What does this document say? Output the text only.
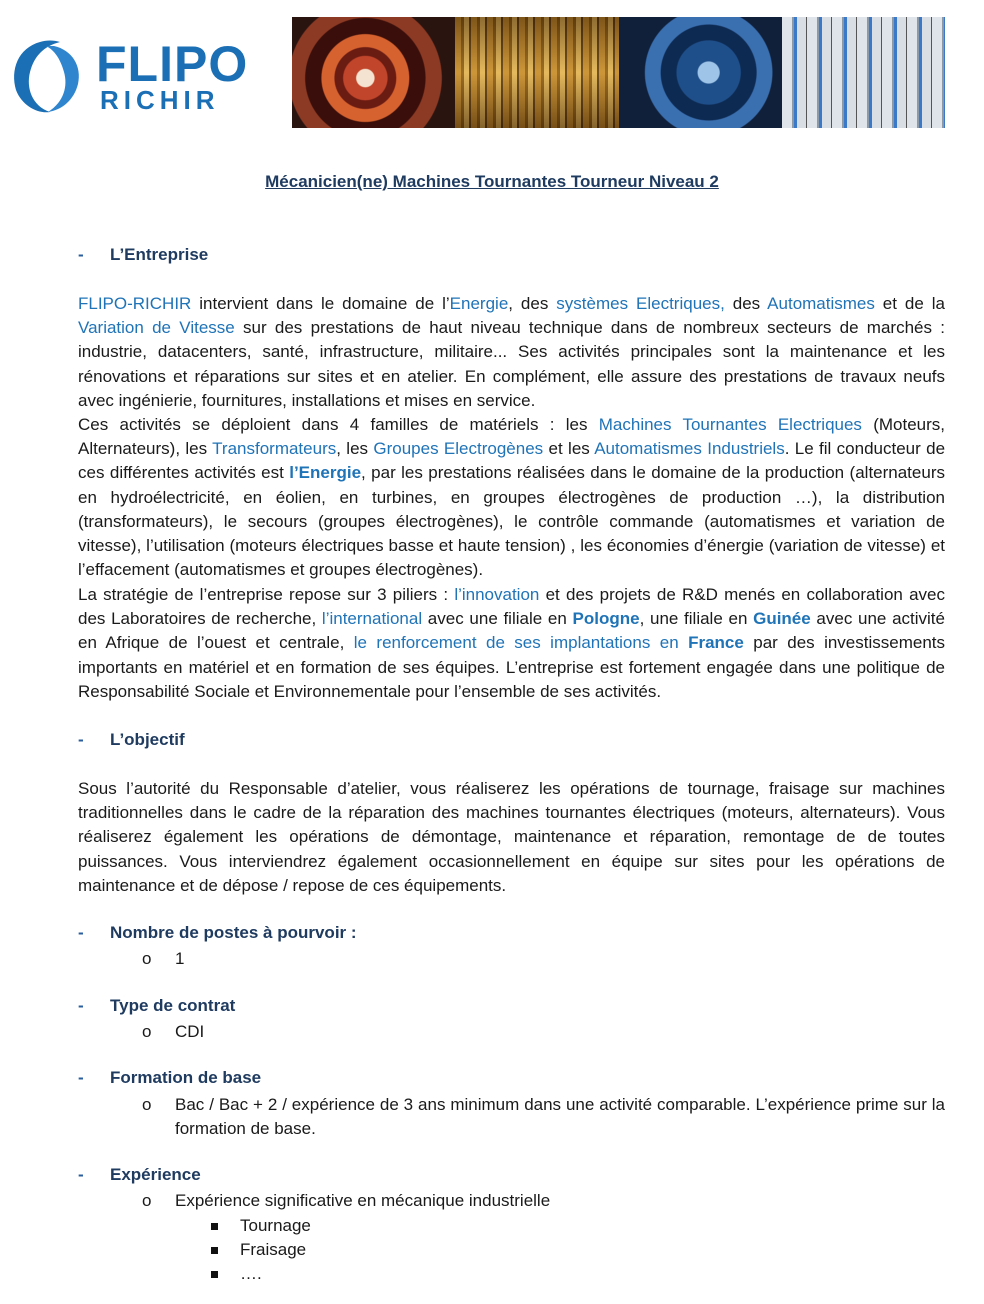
FLIPO
RICHIR
Mécanicien(ne) Machines Tournantes Tourneur Niveau 2
- L’Entreprise

FLIPO-RICHIR intervient dans le domaine de l’Energie, des systèmes Electriques, des Automatismes et de la Variation de Vitesse sur des prestations de haut niveau technique dans de nombreux secteurs de marchés : industrie, datacenters, santé, infrastructure, militaire... Ses activités principales sont la maintenance et les rénovations et réparations sur sites et en atelier. En complément, elle assure des prestations de travaux neufs avec ingénierie, fournitures, installations et mises en service.

Ces activités se déploient dans 4 familles de matériels : les Machines Tournantes Electriques (Moteurs, Alternateurs), les Transformateurs, les Groupes Electrogènes et les Automatismes Industriels. Le fil conducteur de ces différentes activités est l’Energie, par les prestations réalisées dans le domaine de la production (alternateurs en hydroélectricité, en éolien, en turbines, en groupes électrogènes de production …), la distribution (transformateurs), le secours (groupes électrogènes), le contrôle commande (automatismes et variation de vitesse), l’utilisation (moteurs électriques basse et haute tension) , les économies d’énergie (variation de vitesse) et l’effacement (automatismes et groupes électrogènes).

La stratégie de l’entreprise repose sur 3 piliers : l’innovation et des projets de R&D menés en collaboration avec des Laboratoires de recherche, l’international avec une filiale en Pologne, une filiale en Guinée avec une activité en Afrique de l’ouest et centrale, le renforcement de ses implantations en France par des investissements importants en matériel et en formation de ses équipes. L’entreprise est fortement engagée dans une politique de Responsabilité Sociale et Environnementale pour l’ensemble de ses activités.

- L’objectif

Sous l’autorité du Responsable d’atelier, vous réaliserez les opérations de tournage, fraisage sur machines traditionnelles dans le cadre de la réparation des machines tournantes électriques (moteurs, alternateurs). Vous réaliserez également les opérations de démontage, maintenance et réparation, remontage de de toutes puissances. Vous interviendrez également occasionnellement en équipe sur sites pour les opérations de maintenance et de dépose / repose de ces équipements.

- Nombre de postes à pourvoir :
o 1
- Type de contrat
o CDI
- Formation de base
o Bac / Bac + 2 / expérience de 3 ans minimum dans une activité comparable. L’expérience prime sur la formation de base.
- Expérience
o Expérience significative en mécanique industrielle
Tournage
Fraisage
….
